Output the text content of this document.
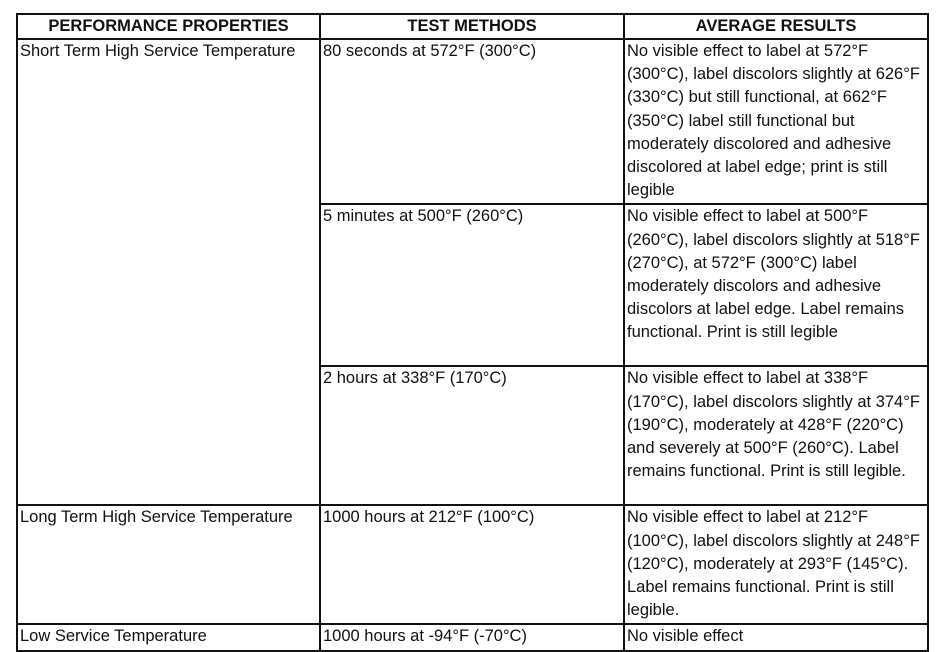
PERFORMANCE PROPERTIES	TEST METHODS	AVERAGE RESULTS

Short Term High Service Temperature	80 seconds at 572°F (300°C)	No visible effect to label at 572°F (300°C), label discolors slightly at 626°F (330°C) but still functional, at 662°F (350°C) label still functional but moderately discolored and adhesive discolored at label edge; print is still legible

	5 minutes at 500°F (260°C)	No visible effect to label at 500°F (260°C), label discolors slightly at 518°F (270°C), at 572°F (300°C) label moderately discolors and adhesive discolors at label edge. Label remains functional. Print is still legible

	2 hours at 338°F (170°C)	No visible effect to label at 338°F (170°C), label discolors slightly at 374°F (190°C), moderately at 428°F (220°C) and severely at 500°F (260°C). Label remains functional. Print is still legible.

Long Term High Service Temperature	1000 hours at 212°F (100°C)	No visible effect to label at 212°F (100°C), label discolors slightly at 248°F (120°C), moderately at 293°F (145°C). Label remains functional. Print is still legible.

Low Service Temperature	1000 hours at -94°F (-70°C)	No visible effect
